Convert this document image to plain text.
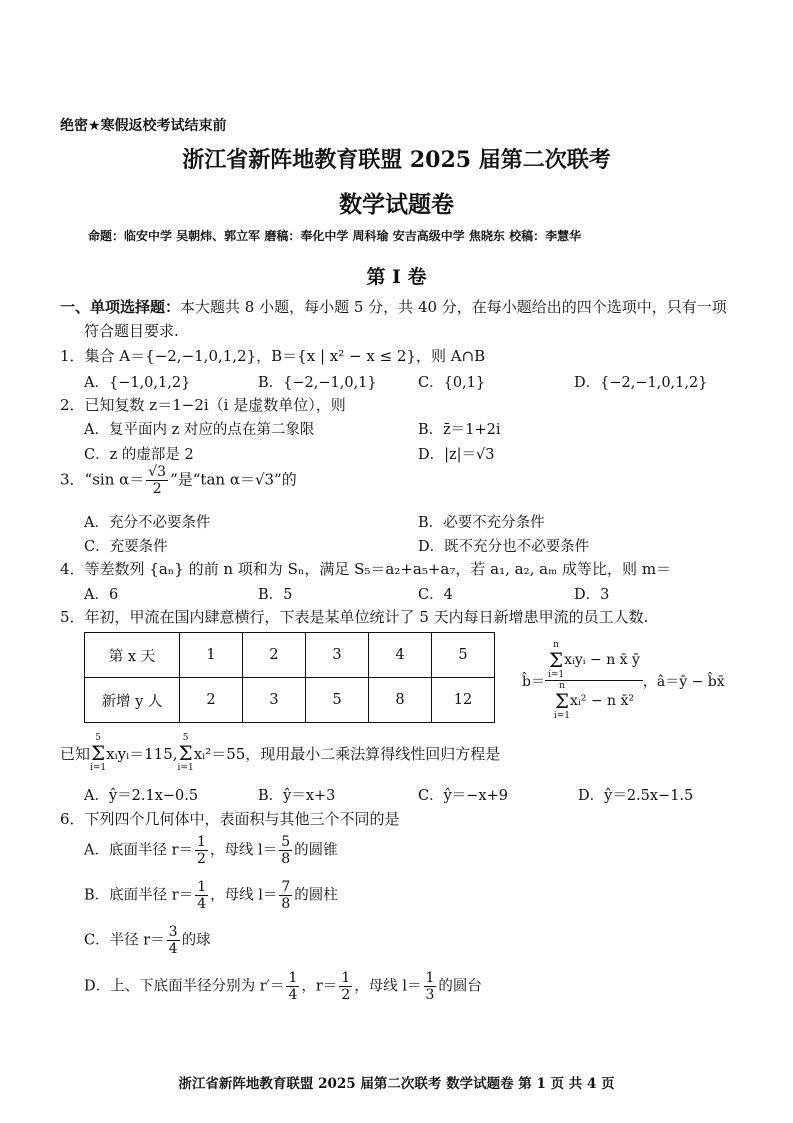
绝密★寒假返校考试结束前
浙江省新阵地教育联盟 2025 届第二次联考
数学试题卷
命题：临安中学 吴朝炜、郭立军 磨稿：奉化中学 周科瑜 安吉高级中学 焦晓东 校稿：李慧华
第 I 卷
一、单项选择题：本大题共 8 小题，每小题 5 分，共 40 分，在每小题给出的四个选项中，只有一项
符合题目要求.
1．集合 A＝{−2,−1,0,1,2}，B＝{x | x² − x ≤ 2}，则 A∩B
A．{−1,0,1,2}	B．{−2,−1,0,1}	C．{0,1}	D．{−2,−1,0,1,2}
2．已知复数 z＝1−2i（i 是虚数单位），则
A．复平面内 z 对应的点在第二象限	B．z̄＝1+2i
C．z 的虚部是 2	D．|z|＝√3
3．“sin $\alpha= \frac{√3}{2}$ ”是“tan α＝√3”的
A．充分不必要条件	B．必要不充分条件
C．充要条件	D．既不充分也不必要条件
4．等差数列 {aₙ} 的前 n 项和为 Sₙ，满足 S₅＝a₂+a₅+a₇，若 a₁, a₂, aₘ 成等比，则 m＝
A．6	B．5	C．4	D．3
5．年初，甲流在国内肆意横行，下表是某单位统计了 5 天内每日新增患甲流的员工人数.
第 x 天	1	2	3	4	5
新增 y 人	2	3	5	8	12
b̂＝
n
Σ
i=1
xᵢyᵢ − n x̄ ȳ
n
Σ
i=1
xᵢ² − n x̄²
，â＝ȳ − b̂x̄
已知
5
Σ
i=1
xᵢyᵢ＝115,
5
Σ
i=1
xᵢ²＝55 ，现用最小二乘法算得线性回归方程是
A．ŷ＝2.1x−0.5	B．ŷ＝x+3	C．ŷ＝−x+9	D．ŷ＝2.5x−1.5
6．下列四个几何体中，表面积与其他三个不同的是
A．底面半径 $r= \frac{1}{2}$ ，母线 $l= \frac{5}{8}$ 的圆锥
B．底面半径 $r= \frac{1}{4}$ ，母线 $l= \frac{7}{8}$ 的圆柱
C．半径 $r= \frac{3}{4}$ 的球
D．上、下底面半径分别为 $r'= \frac{1}{4}$ ，$r= \frac{1}{2}$ ，母线 $l= \frac{1}{3}$ 的圆台
浙江省新阵地教育联盟 2025 届第二次联考 数学试题卷 第 1 页 共 4 页
